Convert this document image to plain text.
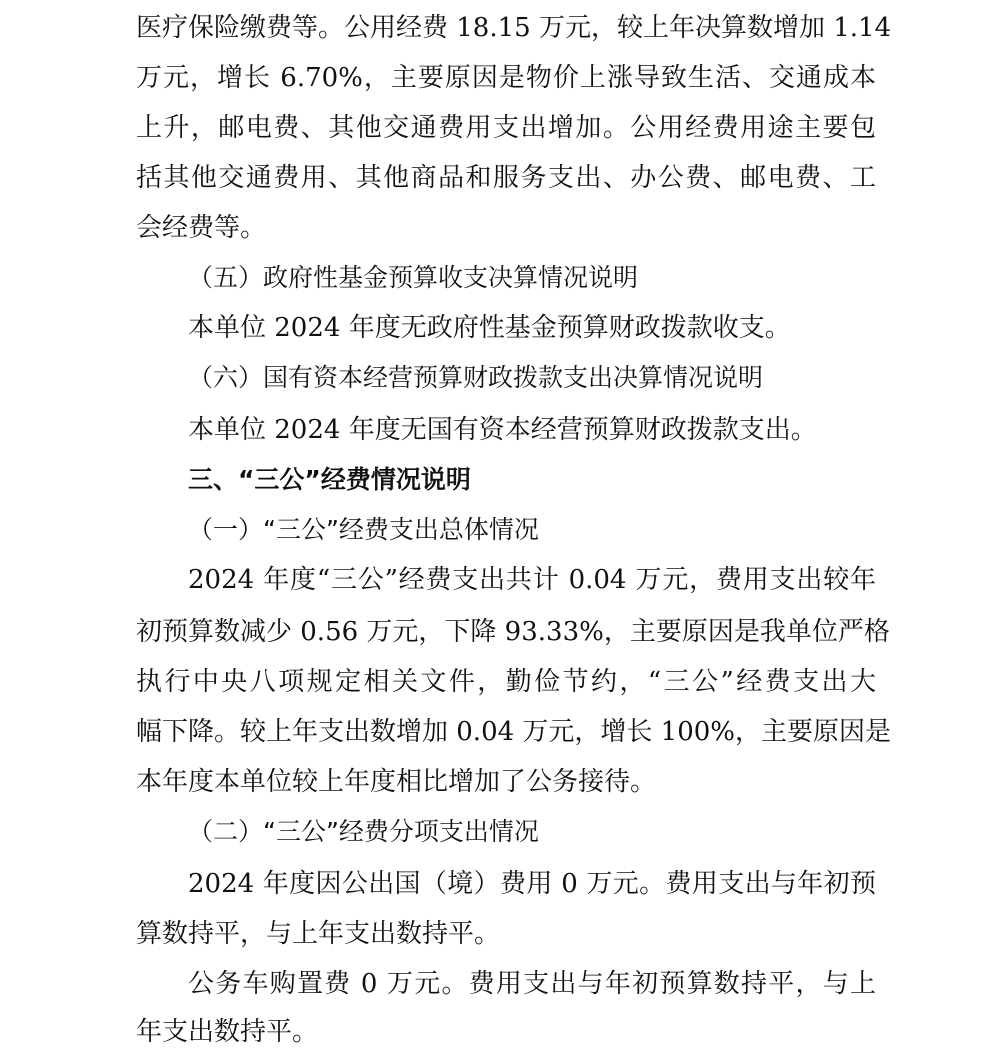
医疗保险缴费等。公用经费 18.15 万元，较上年决算数增加 1.14
万元，增长 6.70%，主要原因是物价上涨导致生活、交通成本
上升，邮电费、其他交通费用支出增加。公用经费用途主要包
括其他交通费用、其他商品和服务支出、办公费、邮电费、工
会经费等。
（五）政府性基金预算收支决算情况说明
本单位 2024 年度无政府性基金预算财政拨款收支。
（六）国有资本经营预算财政拨款支出决算情况说明
本单位 2024 年度无国有资本经营预算财政拨款支出。
三、“三公”经费情况说明
（一）“三公”经费支出总体情况
2024 年度“三公”经费支出共计 0.04 万元，费用支出较年
初预算数减少 0.56 万元，下降 93.33%，主要原因是我单位严格
执行中央八项规定相关文件，勤俭节约，“三公”经费支出大
幅下降。较上年支出数增加 0.04 万元，增长 100%，主要原因是
本年度本单位较上年度相比增加了公务接待。
（二）“三公”经费分项支出情况
2024 年度因公出国（境）费用 0 万元。费用支出与年初预
算数持平，与上年支出数持平。
公务车购置费 0 万元。费用支出与年初预算数持平，与上
年支出数持平。
